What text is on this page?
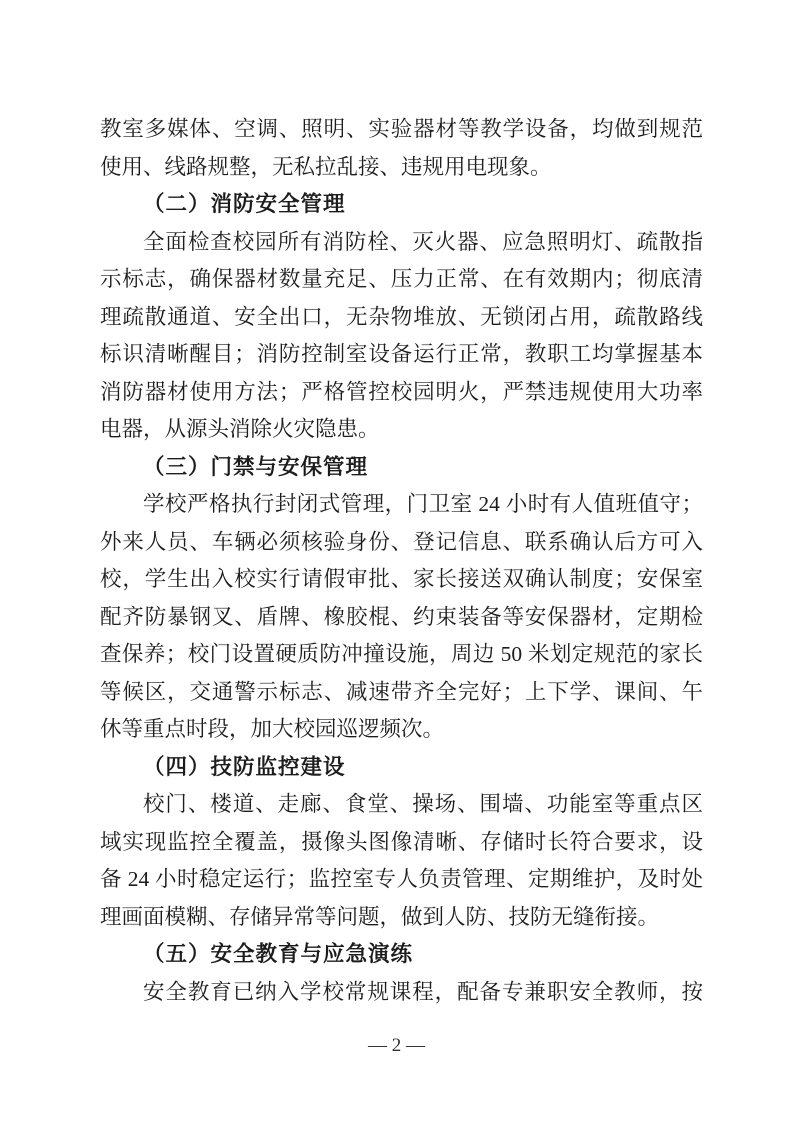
教室多媒体、空调、照明、实验器材等教学设备，均做到规范
使用、线路规整，无私拉乱接、违规用电现象。
（二）消防安全管理
全面检查校园所有消防栓、灭火器、应急照明灯、疏散指
示标志，确保器材数量充足、压力正常、在有效期内；彻底清
理疏散通道、安全出口，无杂物堆放、无锁闭占用，疏散路线
标识清晰醒目；消防控制室设备运行正常，教职工均掌握基本
消防器材使用方法；严格管控校园明火，严禁违规使用大功率
电器，从源头消除火灾隐患。
（三）门禁与安保管理
学校严格执行封闭式管理，门卫室 24 小时有人值班值守；
外来人员、车辆必须核验身份、登记信息、联系确认后方可入
校，学生出入校实行请假审批、家长接送双确认制度；安保室
配齐防暴钢叉、盾牌、橡胶棍、约束装备等安保器材，定期检
查保养；校门设置硬质防冲撞设施，周边 50 米划定规范的家长
等候区，交通警示标志、减速带齐全完好；上下学、课间、午
休等重点时段，加大校园巡逻频次。
（四）技防监控建设
校门、楼道、走廊、食堂、操场、围墙、功能室等重点区
域实现监控全覆盖，摄像头图像清晰、存储时长符合要求，设
备 24 小时稳定运行；监控室专人负责管理、定期维护，及时处
理画面模糊、存储异常等问题，做到人防、技防无缝衔接。
（五）安全教育与应急演练
安全教育已纳入学校常规课程，配备专兼职安全教师，按
— 2 —
